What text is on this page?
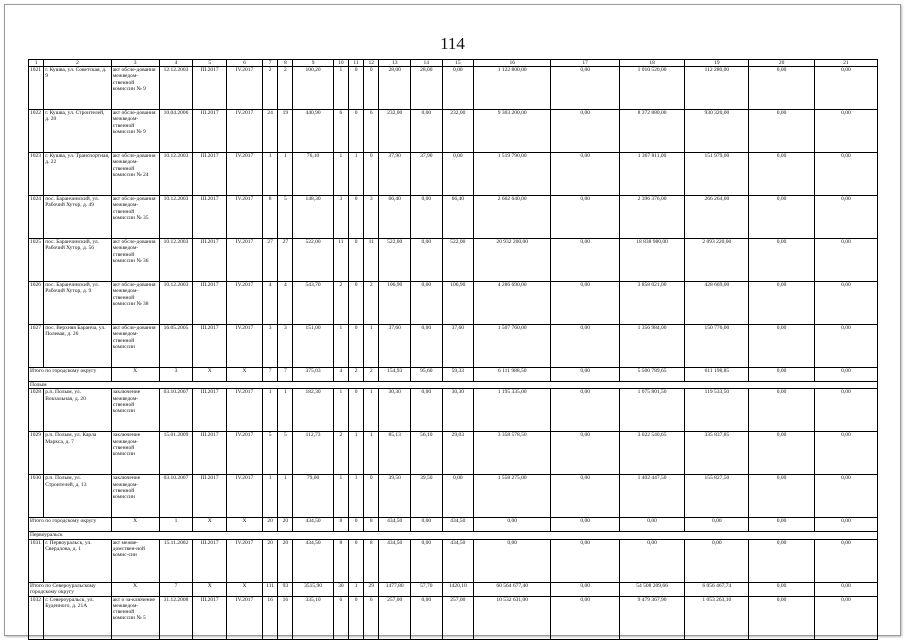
114
1	2	3	4	5	6	7	8	9	10	11	12	13	14	15	16	17	18	19	20	21
1021	г. Кушва, ул. Советская, д. 9	акт обсле-дования межведом-ственной комиссии № 9	12.12.2003	III.2017	IV.2017	2	2	100,20	1	0	0	28,00	28,00	0,00	1 122 800,00	0,00	1 010 520,00	112 280,00	0,00	0,00
1022	г. Кушва, ул. Строителей, д. 20	акт обсле-дования межведом-ственной комиссии № 9	10.04.2006	III.2017	IV.2017	24	19	440,90	6	0	6	232,00	0,00	232,00	9 303 200,00	0,00	8 372 880,00	930 320,00	0,00	0,00
1023	г. Кушва, ул. Транспортная, д. 22	акт обсле-дования межведом-ственной комиссии № 24	10.12.2003	III.2017	IV.2017	1	1	76,10	1	1	0	37,90	37,90	0,00	1 519 790,00	0,00	1 367 811,00	151 979,00	0,00	0,00
1024	пос. Баранчинский, ул. Рабочий Хутор, д. 49	акт обсле-дования межведом-ственной комиссии № 35	10.12.2003	III.2017	IV.2017	8	5	148,30	3	0	3	66,40	0,00	66,40	2 662 640,00	0,00	2 396 376,00	266 264,00	0,00	0,00
1025	пос. Баранчинский, ул. Рабочий Хутор, д. 56	акт обсле-дования межведом-ственной комиссии № 36	10.12.2003	III.2017	IV.2017	27	27	522,00	11	0	11	522,00	0,00	522,00	20 932 200,00	0,00	18 838 980,00	2 093 220,00	0,00	0,00
1026	пос. Баранчинский, ул. Рабочий Хутор, д. 9	акт обсле-дования межведом-ственной комиссии № 38	10.12.2003	III.2017	IV.2017	4	4	543,70	2	0	2	106,90	0,00	106,90	4 286 690,00	0,00	3 858 021,00	428 669,00	0,00	0,00
1027	пос. Верхняя Баранча, ул. Полевая, д. 26	акт обсле-дования межведом-ственной комиссии	16.05.2005	III.2017	IV.2017	3	3	151,00	1	0	1	37,60	0,00	37,60	1 507 760,00	0,00	1 356 984,00	150 776,00	0,00	0,00
Итого по городскому округу		X	3	X	X	7	7	375,03	4	2	2	154,93	95,60	59,33	6 111 988,50	0,00	5 500 789,65	611 198,85	0,00	0,00
Полым																				
1028	р.п. Полым, ул. Вокзальная, д. 20	заключение межведом-ственной комиссии	03.10.2007	III.2017	IV.2017	1	1	182,30	1	0	1	30,30	0,00	30,30	1 195 335,00	0,00	1 075 801,50	119 533,50	0,00	0,00
1029	р.п. Полым, ул. Карла Маркса, д. 7	заключение межведом-ственной комиссии	15.01.2009	III.2017	IV.2017	5	5	112,73	2	1	1	85,13	56,10	29,03	3 358 578,50	0,00	3 022 540,65	335 837,85	0,00	0,00
1030	р.п. Полым, ул. Строителей, д. 13	заключение межведом-ственной комиссии	03.10.2007	III.2017	IV.2017	1	1	79,00	1	1	0	39,50	39,50	0,00	1 558 275,00	0,00	1 402 447,50	155 827,50	0,00	0,00
Итого по городскому округу		X	1	X	X	20	20	434,50	8	0	8	434,50	0,00	434,50	0,00	0,00	0,00	0,00	0,00	0,00
Первоуральск																				
1031	г. Первоуральск, ул. Свердлова, д. 1	акт межве-домствен-ной комис-сии	15.11.2002	III.2017	IV.2017	20	20	434,50	8	0	8	434,50	0,00	434,50	0,00	0,00	0,00	0,00	0,00	0,00
Итого по Североуральскому городскому округу		X	7	X	X	111	93	3515,90	30	1	29	1477,80	57,70	1420,10	60 564 677,40	0,00	54 508 209,66	6 056 467,74	0,00	0,00
1032	г. Североуральск, ул. Буденного, д. 21А	акт о за-ключение межведом-ственной комиссии № 5	31.12.2008	III.2017	IV.2017	16	16	335,10	6	0	6	257,00	0,00	257,00	10 532 631,00	0,00	9 479 367,90	1 053 263,10	0,00	0,00
